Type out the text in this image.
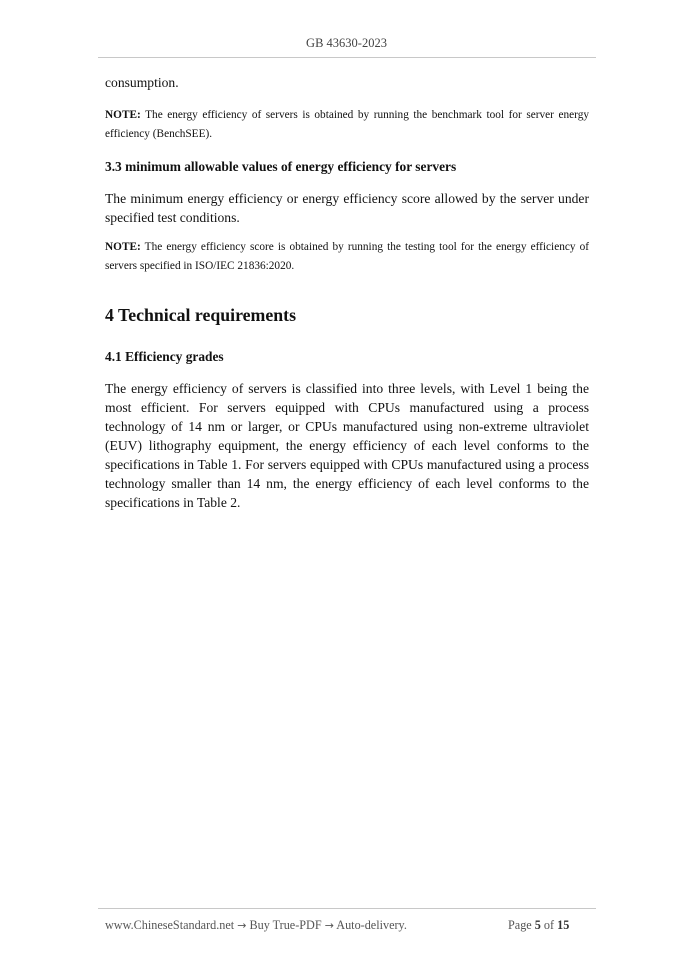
GB 43630-2023
consumption.
NOTE: The energy efficiency of servers is obtained by running the benchmark tool for server energy efficiency (BenchSEE).
3.3 minimum allowable values of energy efficiency for servers
The minimum energy efficiency or energy efficiency score allowed by the server under specified test conditions.
NOTE: The energy efficiency score is obtained by running the testing tool for the energy efficiency of servers specified in ISO/IEC 21836:2020.
4 Technical requirements
4.1 Efficiency grades
The energy efficiency of servers is classified into three levels, with Level 1 being the most efficient. For servers equipped with CPUs manufactured using a process technology of 14 nm or larger, or CPUs manufactured using non-extreme ultraviolet (EUV) lithography equipment, the energy efficiency of each level conforms to the specifications in Table 1. For servers equipped with CPUs manufactured using a process technology smaller than 14 nm, the energy efficiency of each level conforms to the specifications in Table 2.
www.ChineseStandard.net → Buy True-PDF → Auto-delivery.	Page 5 of 15
